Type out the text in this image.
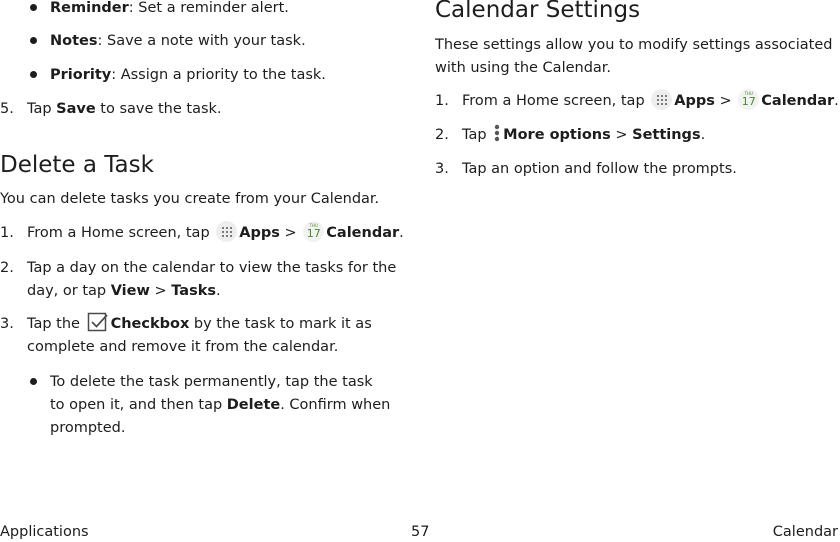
Reminder: Set a reminder alert.
Notes: Save a note with your task.
Priority: Assign a priority to the task.
5. Tap Save to save the task.
Delete a Task
You can delete tasks you create from your Calendar.
1. From a Home screen, tap Apps >	THU
17 Calendar.
2. Tap a day on the calendar to view the tasks for the
day, or tap View > Tasks.
3. Tap the Checkbox by the task to mark it as
complete and remove it from the calendar.
To delete the task permanently, tap the task
to open it, and then tap Delete. Confirm when
prompted.
Calendar Settings
These settings allow you to modify settings associated
with using the Calendar.
1. From a Home screen, tap Apps >	THU
17 Calendar.
2. Tap More options > Settings.
3. Tap an option and follow the prompts.
Applications	57	Calendar
